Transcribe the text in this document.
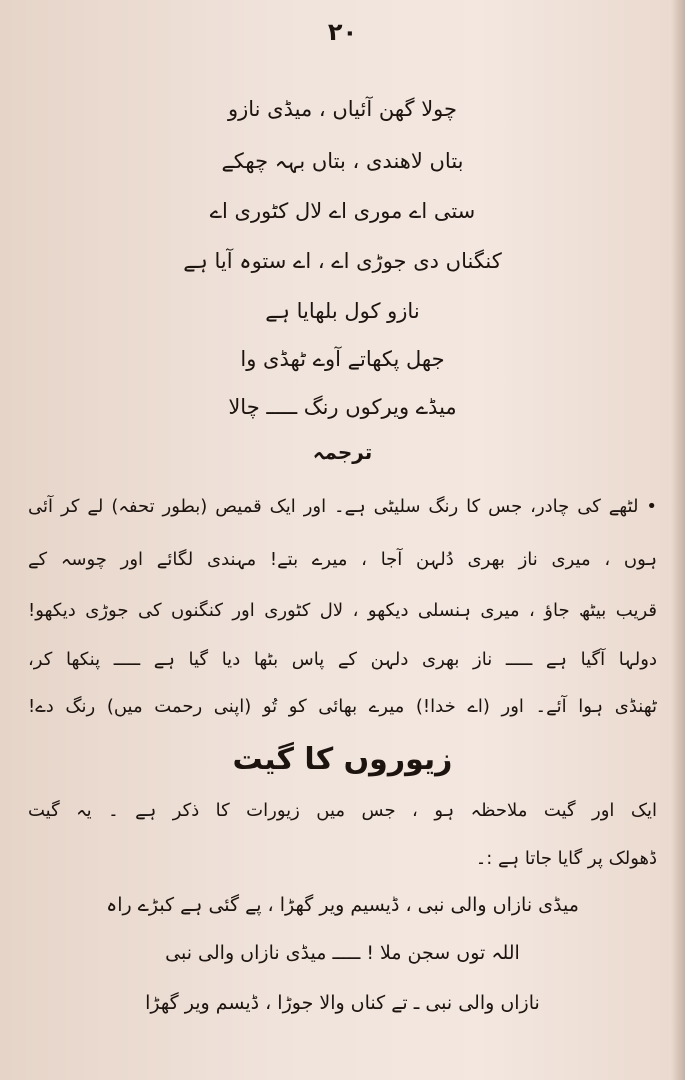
۲۰
چولا گھن آئیاں ، میڈی نازو
بتاں لاھندی ، بتاں بہہ چھکے
ستی اے موری اے لال کٹوری اے
کنگناں دی جوڑی اے ، اے ستوہ آیا ہے
نازو کول بلھایا ہے
جھل پکھاتے آوے ٹھڈی وا
میڈے ویرکوں رنگ ـــــ چالا
ترجمہ
• لٹھے کی چادر، جس کا رنگ سلیٹی ہے۔ اور ایک قمیص (بطور تحفہ) لے کر آئی
ہوں ، میری ناز بھری دُلہن آجا ، میرے بتے! مہندی لگائے اور چوسہ کے
قریب بیٹھ جاؤ ، میری ہنسلی دیکھو ، لال کٹوری اور کنگنوں کی جوڑی دیکھو!
دولہا آگیا ہے ـــــ ناز بھری دلہن کے پاس بٹھا دیا گیا ہے ـــــ پنکھا کر،
ٹھنڈی ہوا آئے۔ اور (اے خدا!) میرے بھائی کو تُو (اپنی رحمت میں) رنگ دے!
زیوروں کا گیت
ایک اور گیت ملاحظہ ہو ، جس میں زیورات کا ذکر ہے ۔ یہ گیت
ڈھولک پر گایا جاتا ہے :۔
میڈی نازاں والی نبی ، ڈیسیم ویر گھڑا ، پے گئی ہے کبڑے راہ
اللہ توں سجن ملا ! ـــــ میڈی نازاں والی نبی
نازاں والی نبی ـ تے کناں والا جوڑا ، ڈیسم ویر گھڑا
